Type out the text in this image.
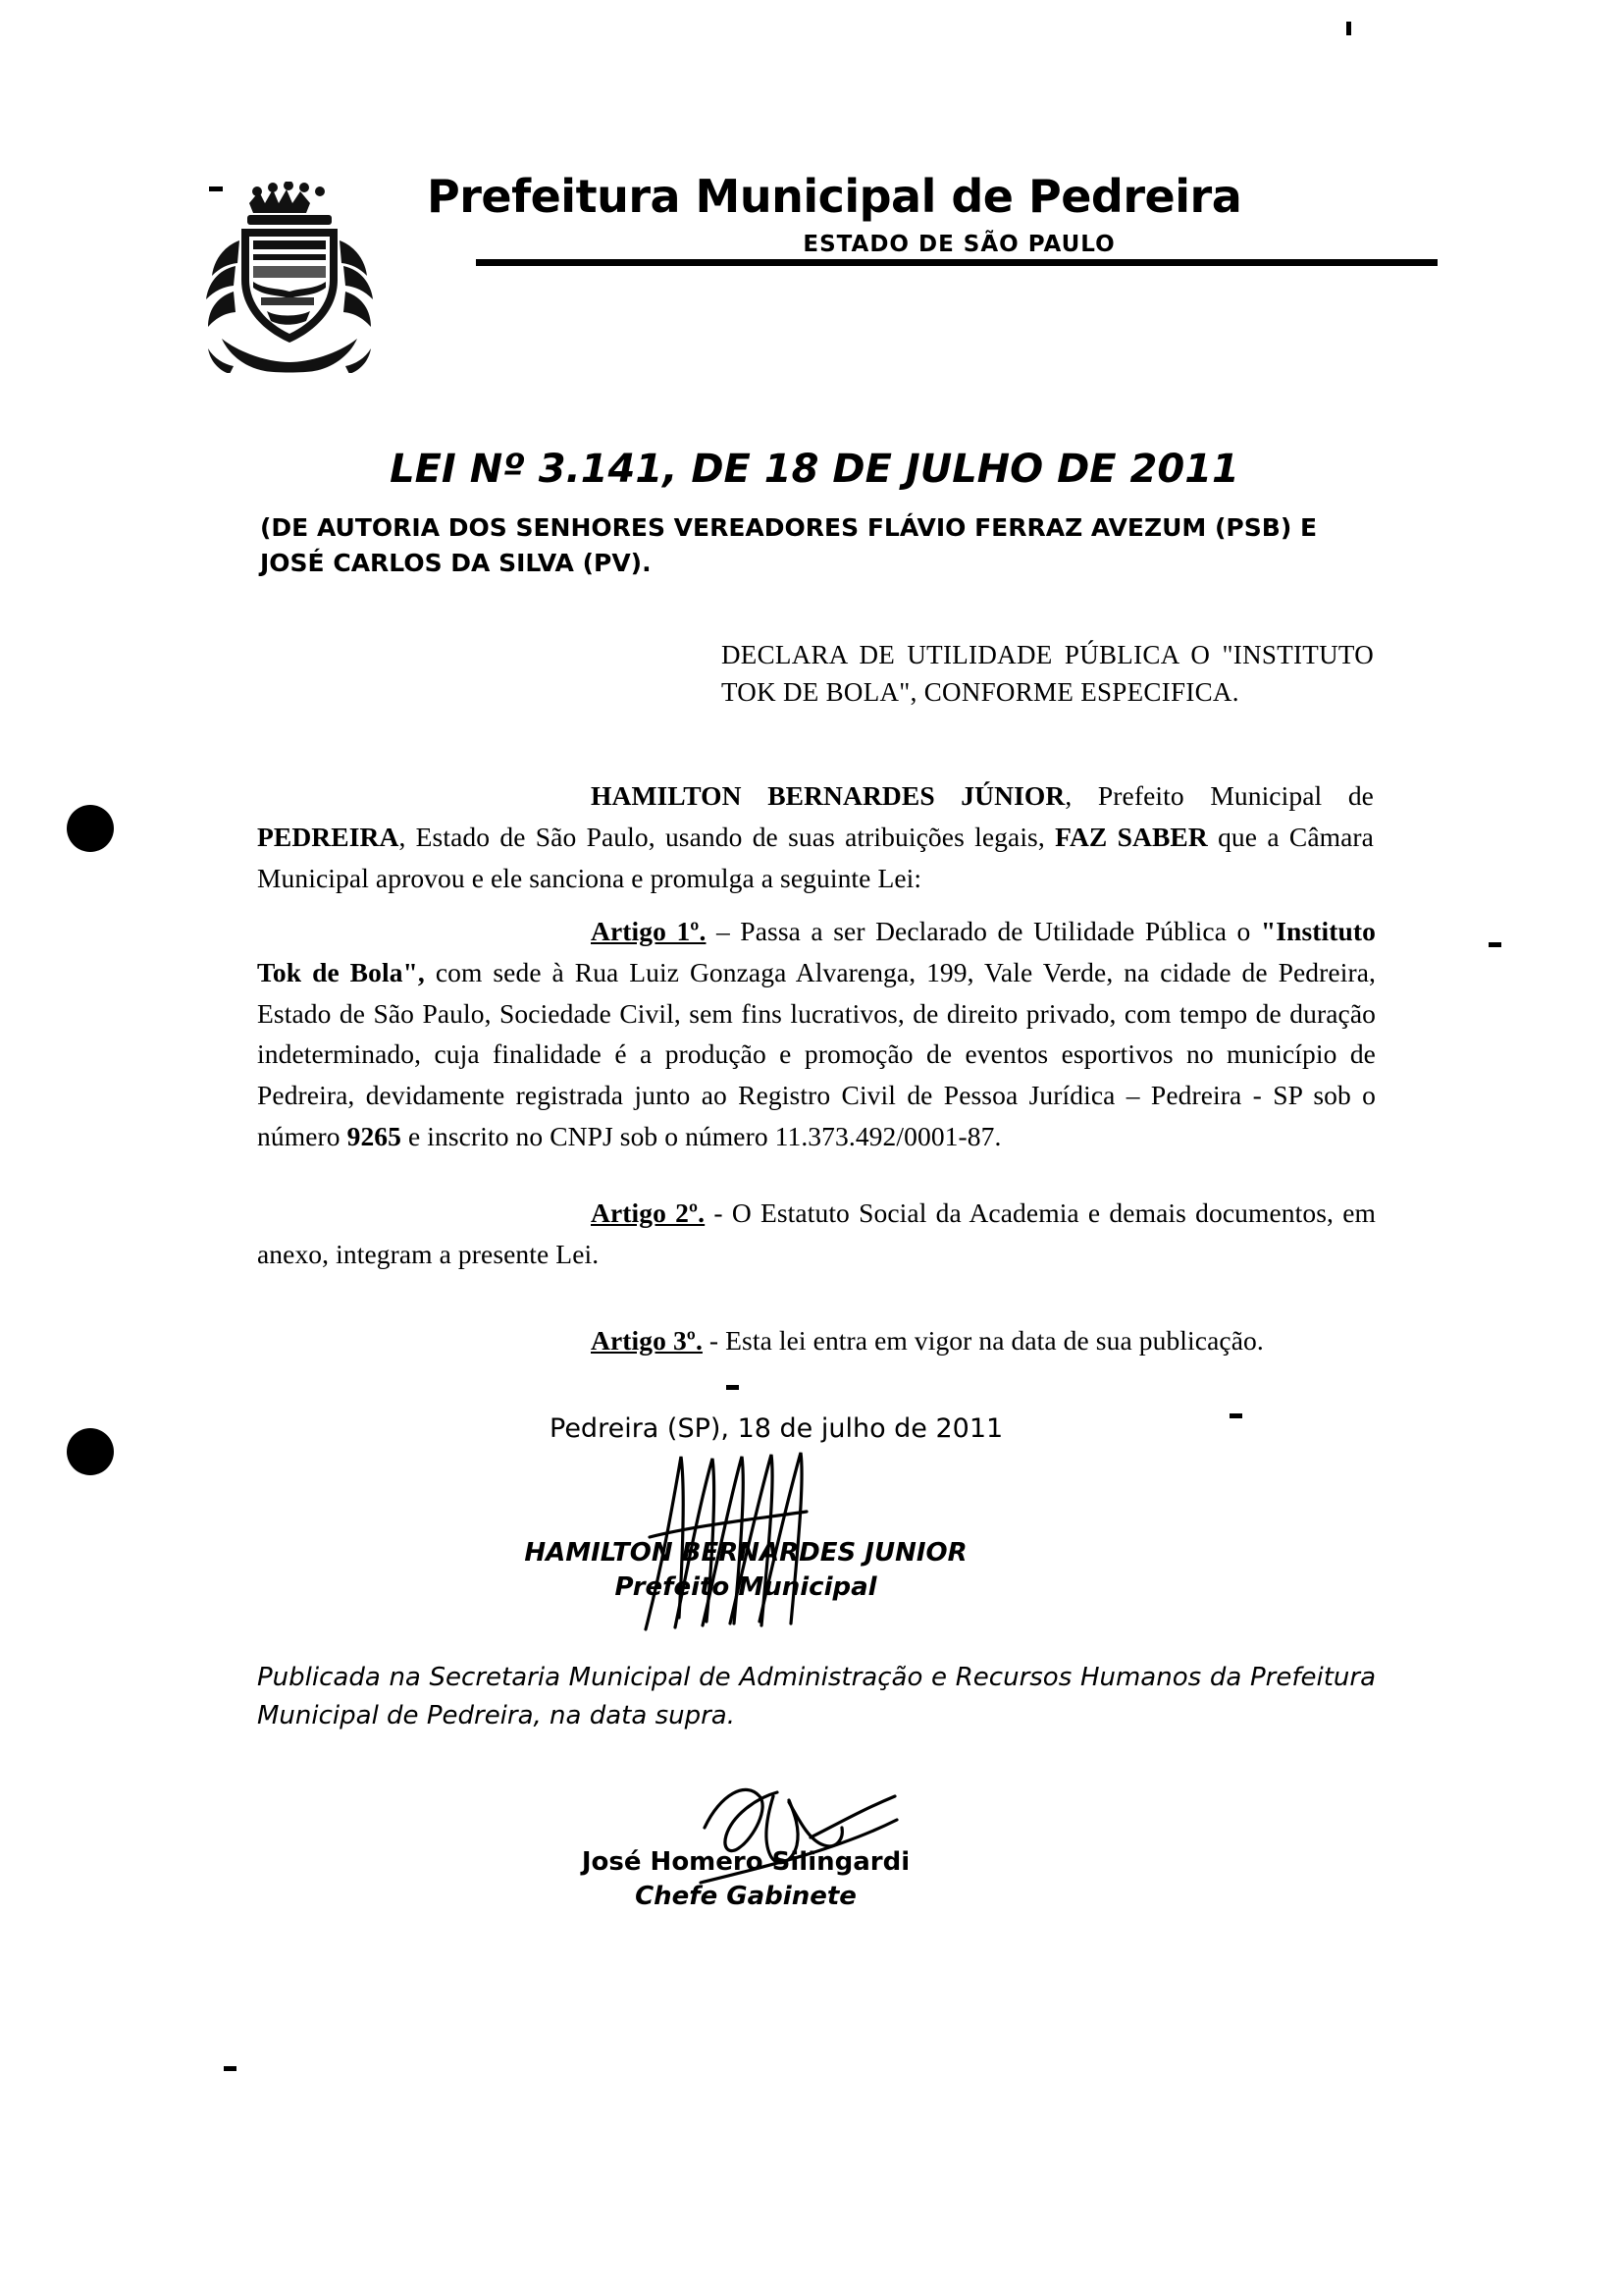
Prefeitura Municipal de Pedreira
ESTADO DE SÃO PAULO
LEI Nº 3.141, DE 18 DE JULHO DE 2011
(DE AUTORIA DOS SENHORES VEREADORES FLÁVIO FERRAZ AVEZUM (PSB) E JOSÉ CARLOS DA SILVA (PV).
DECLARA DE UTILIDADE PÚBLICA O "INSTITUTO TOK DE BOLA", CONFORME ESPECIFICA.
HAMILTON BERNARDES JÚNIOR, Prefeito Municipal de PEDREIRA, Estado de São Paulo, usando de suas atribuições legais, FAZ SABER que a Câmara Municipal aprovou e ele sanciona e promulga a seguinte Lei:
Artigo 1º. – Passa a ser Declarado de Utilidade Pública o "Instituto Tok de Bola", com sede à Rua Luiz Gonzaga Alvarenga, 199, Vale Verde, na cidade de Pedreira, Estado de São Paulo, Sociedade Civil, sem fins lucrativos, de direito privado, com tempo de duração indeterminado, cuja finalidade é a produção e promoção de eventos esportivos no município de Pedreira, devidamente registrada junto ao Registro Civil de Pessoa Jurídica – Pedreira - SP sob o número 9265 e inscrito no CNPJ sob o número 11.373.492/0001-87.
Artigo 2º. - O Estatuto Social da Academia e demais documentos, em anexo, integram a presente Lei.
Artigo 3º. - Esta lei entra em vigor na data de sua publicação.
Pedreira (SP), 18 de julho de 2011
HAMILTON BERNARDES JUNIOR
Prefeito Municipal
Publicada na Secretaria Municipal de Administração e Recursos Humanos da Prefeitura Municipal de Pedreira, na data supra.
José Homero Silingardi
Chefe Gabinete
